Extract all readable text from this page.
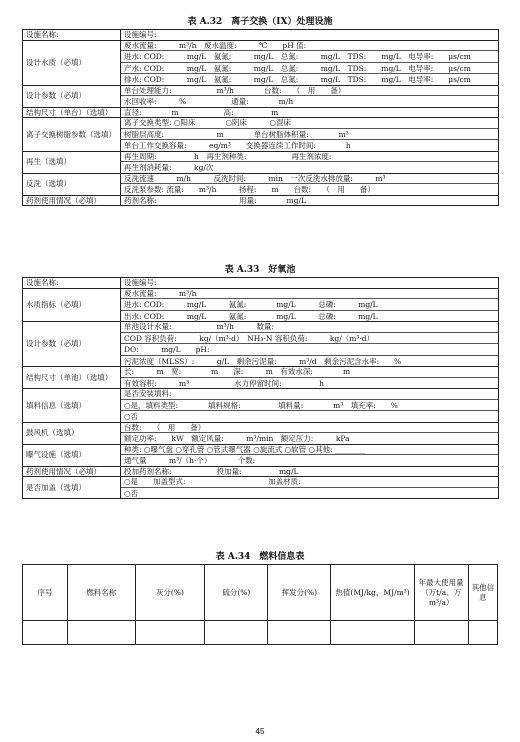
表 A.32　离子交换（IX）处理设施
设施名称:	设施编号:

设计水质（必填）	废水流量:　　　m³/h　废水温度:　　　℃　　pH 值:
进水: COD:　　　mg/L　氨氮:　　　mg/L　总氮:　　　mg/L　TDS:　　mg/L　电导率:　　μs/cm
产水: COD:　　　mg/L　氨氮:　　　mg/L　总氮:　　　mg/L　TDS:　　mg/L　电导率:　　μs/cm
排水: COD:　　　mg/L　氨氮:　　　mg/L　总氮:　　　mg/L　TDS:　　mg/L　电导率:　　μs/cm

设计参数（必填）	单台处理能力:　　　　　　m³/h　　　　台数:　　（　用　　备）
水回收率:　　　%　　　　　　通量:　　　　m/h

结构尺寸（单台）（选填）	直径:　　　　m　　　　　　高:　　　　　m

离子交换树脂参数（选填）	离子交换类型: ○阳床　　　　○阴床　　　○混床
树脂层高度:　　　　　　　m　　　　单台树脂体积量:　　　　m³
单台工作交换容量:　　　eq/m³　　交换器连续工作时间:　　　　h

再生（选填）	再生周期:　　　　　h　再生剂种类:　　　　　　再生剂浓度:
再生剂消耗量:　　　kg/次

反洗（选填）	反洗流速　　　m/h　　　反洗时间:　　　min　一次反洗水排放量:　　　m³
反洗泵参数: 流量:　　m³/h　　　扬程:　　m　　台数:　　（　用　　备）

药剂使用情况（必填）	药剂名称:　　　　　　　　　　　用量:　　　　mg/L
表 A.33　好氧池
设施名称:	设施编号:

水质指标（必填）	废水流量:　　　m³/h
进水: COD:　　　mg/L　　　氨氮:　　　　mg/L　　　总磷:　　　mg/L
出水: COD:　　　mg/L　　　氨氮:　　　　mg/L　　　总磷:　　　mg/L

设计参数（必填）	单池设计水量:　　　　　　m³/h　　　数量:
COD 容积负荷:　　　kg/（m³·d）　NH₃-N 容积负荷:　　　kg/（m³·d）
DO:　　　mg/L　　pH:
污泥浓度（MLSS）:　　　g/L　剩余污泥量:　　　m³/d　剩余污泥含水率:　　%

结构尺寸（单池）（选填）	长:　　　m　宽:　　　　m　　深:　　　m　有效水深:　　　　m
有效容积:　　　m³　　　　　　水力停留时间:　　　　　h

填料信息（选填）	是否安装填料:
○是，填料类型:　　　　填料规格:　　　　　填料量:　　　　m³　填充率:　　%
○否

鼓风机（选填）	台数:　　（　用　　备）
额定功率:　　kW　额定风量:　　　m³/min　额定压力:　　　kPa

曝气设施（选填）	种类: ○曝气盘 ○穿孔管 ○管式曝气器 ○旋流式 ○软管 ○其他: ________
通气量　　　m³/（h·个）　　　　个数:

药剂使用情况（必填）	投加药剂名称:　　　　　　投加量:　　　　　mg/L

是否加盖（选填）	○是　　加盖型式:　　　　　　　　　　　加盖材质:
○否
表 A.34　燃料信息表
序号	燃料名称	灰分(%)	硫分(%)	挥发分(%)	热值(MJ/kg、MJ/m³)	年最大使用量（万t/a、万m³/a）	其他信息

45
